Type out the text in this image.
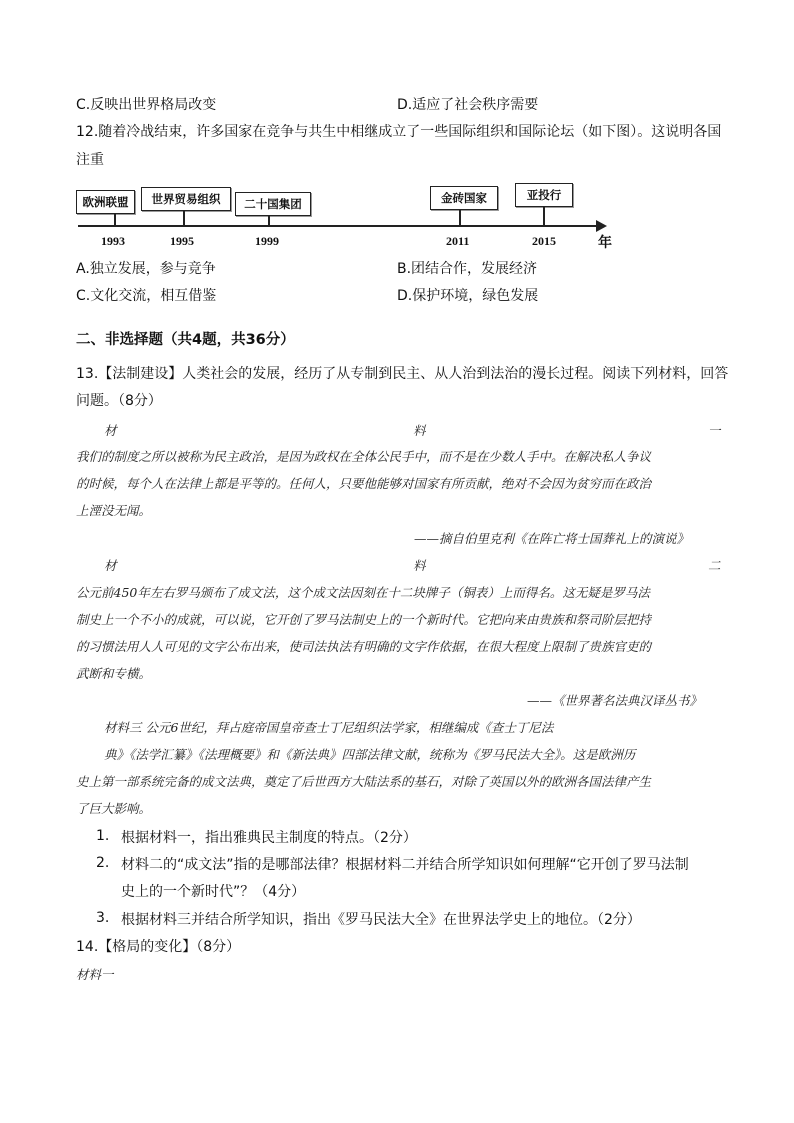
C.反映出世界格局改变	D.适应了社会秩序需要
12.随着冷战结束，许多国家在竞争与共生中相继成立了一些国际组织和国际论坛（如下图）。这说明各国
注重
年
欧洲联盟
1993
世界贸易组织
1995
二十国集团
1999
金砖国家
2011
亚投行
2015
A.独立发展，参与竞争	B.团结合作，发展经济
C.文化交流，相互借鉴	D.保护环境，绿色发展
二、非选择题（共4题，共36分）
13.【法制建设】人类社会的发展，经历了从专制到民主、从人治到法治的漫长过程。阅读下列材料，回答
问题。（8分）
材	料	一
我们的制度之所以被称为民主政治，是因为政权在全体公民手中，而不是在少数人手中。在解决私人争议
的时候，每个人在法律上都是平等的。任何人，只要他能够对国家有所贡献，绝对不会因为贫穷而在政治
上湮没无闻。
——摘自伯里克利《在阵亡将士国葬礼上的演说》
材	料	二
公元前450年左右罗马颁布了成文法，这个成文法因刻在十二块牌子（铜表）上而得名。这无疑是罗马法
制史上一个不小的成就，可以说，它开创了罗马法制史上的一个新时代。它把向来由贵族和祭司阶层把持
的习惯法用人人可见的文字公布出来，使司法执法有明确的文字作依据，在很大程度上限制了贵族官吏的
武断和专横。
——《世界著名法典汉译丛书》
材料三 公元6世纪，拜占庭帝国皇帝查士丁尼组织法学家，相继编成《查士丁尼法
典》《法学汇纂》《法理概要》和《新法典》四部法律文献，统称为《罗马民法大全》。这是欧洲历
史上第一部系统完备的成文法典，奠定了后世西方大陆法系的基石，对除了英国以外的欧洲各国法律产生
了巨大影响。
1. 根据材料一，指出雅典民主制度的特点。（2分）
2. 材料二的“成文法”指的是哪部法律？根据材料二并结合所学知识如何理解“它开创了罗马法制
史上的一个新时代”？（4分）
3. 根据材料三并结合所学知识，指出《罗马民法大全》在世界法学史上的地位。（2分）
14.【格局的变化】（8分）
材料一
